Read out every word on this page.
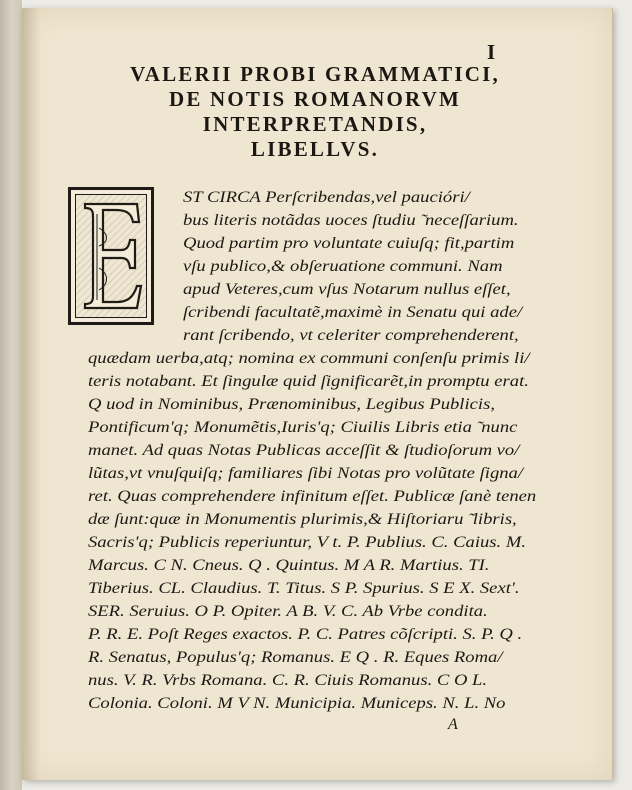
I
VALERII PROBI GRAMMATICI,
DE NOTIS ROMANORVM
INTERPRETANDIS,
LIBELLVS.
ST CIRCA Perſcribendas,vel paucióri/
bus literis notãdas uoces ſtudiu ̃ neceſſarium.
Quod partim pro voluntate cuiuſq; fit,partim
vſu publico,& obſeruatione communi. Nam
apud Veteres,cum vſus Notarum nullus eſſet,
ſcribendi facultatẽ,maximè in Senatu qui ade/
rant ſcribendo, vt celeriter comprehenderent,
quædam uerba,atq; nomina ex communi conſenſu primis li/
teris notabant. Et ſingulæ quid ſignificarẽt,in promptu erat.
Q uod in Nominibus, Prænominibus, Legibus Publicis,
Pontificum'q; Monumẽtis,Iuris'q; Ciuilis Libris etia ̃ nunc
manet. Ad quas Notas Publicas acceſſit & ſtudioſorum vo/
lũtas,vt vnuſquiſq; familiares ſibi Notas pro volũtate ſigna/
ret. Quas comprehendere infinitum eſſet. Publicæ ſanè tenen
dæ ſunt:quæ in Monumentis plurimis,& Hiſtoriaru ̃ libris,
Sacris'q; Publicis reperiuntur, V t. P. Publius. C. Caius. M.
Marcus. C N. Cneus. Q . Quintus. M A R. Martius. TI.
Tiberius. CL. Claudius. T. Titus. S P. Spurius. S E X. Sext'.
SER. Seruius. O P. Opiter. A B. V. C. Ab Vrbe condita.
P. R. E. Poſt Reges exactos. P. C. Patres cõſcripti. S. P. Q .
R. Senatus, Populus'q; Romanus. E Q . R. Eques Roma/
nus. V. R. Vrbs Romana. C. R. Ciuis Romanus. C O L.
Colonia. Coloni. M V N. Municipia. Municeps. N. L. No
A
